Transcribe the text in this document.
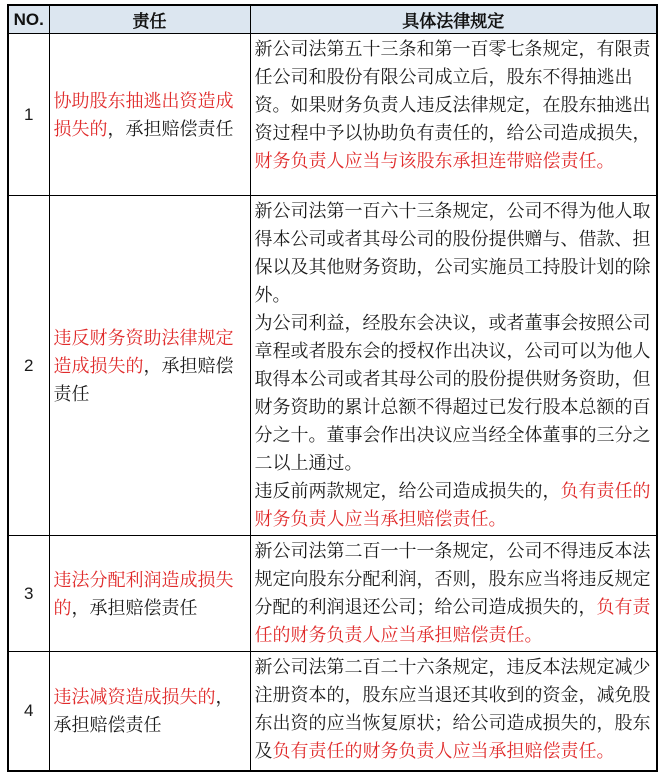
NO.	责任	具体法律规定
1	协助股东抽逃出资造成损失的，承担赔偿责任	新公司法第五十三条和第一百零七条规定，有限责任公司和股份有限公司成立后，股东不得抽逃出资。如果财务负责人违反法律规定，在股东抽逃出资过程中予以协助负有责任的，给公司造成损失，财务负责人应当与该股东承担连带赔偿责任。

2	违反财务资助法律规定造成损失的，承担赔偿责任	新公司法第一百六十三条规定，公司不得为他人取得本公司或者其母公司的股份提供赠与、借款、担保以及其他财务资助，公司实施员工持股计划的除外。

为公司利益，经股东会决议，或者董事会按照公司章程或者股东会的授权作出决议，公司可以为他人取得本公司或者其母公司的股份提供财务资助，但财务资助的累计总额不得超过已发行股本总额的百分之十。董事会作出决议应当经全体董事的三分之二以上通过。

违反前两款规定，给公司造成损失的，负有责任的财务负责人应当承担赔偿责任。

3	违法分配利润造成损失的，承担赔偿责任	新公司法第二百一十一条规定，公司不得违反本法规定向股东分配利润，否则，股东应当将违反规定分配的利润退还公司；给公司造成损失的，负有责任的财务负责人应当承担赔偿责任。

4	违法减资造成损失的，承担赔偿责任	新公司法第二百二十六条规定，违反本法规定减少注册资本的，股东应当退还其收到的资金，减免股东出资的应当恢复原状；给公司造成损失的，股东及负有责任的财务负责人应当承担赔偿责任。
